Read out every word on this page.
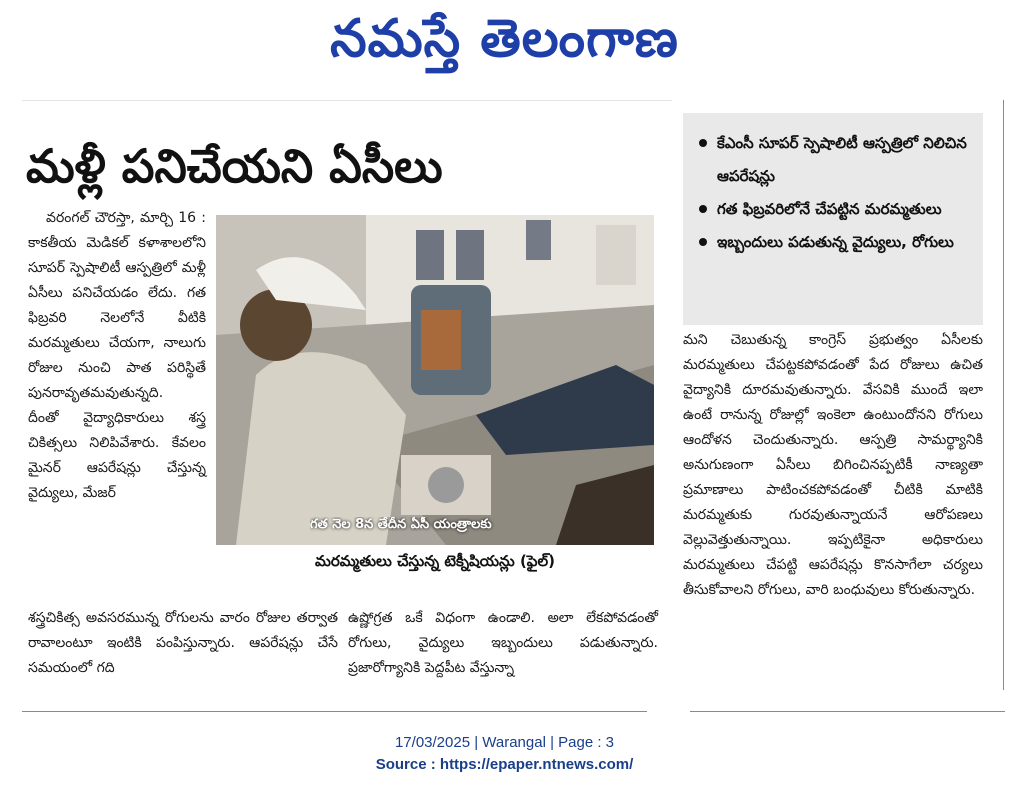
నమస్తే తెలంగాణ
మళ్లీ పనిచేయని ఏసీలు	కేఎంసీ సూపర్ స్పెషాలిటీ ఆస్పత్రిలో నిలిచిన ఆపరేషన్లు
గత ఫిబ్రవరిలోనే చేపట్టిన మరమ్మతులు
ఇబ్బందులు పడుతున్న వైద్యులు, రోగులు

వరంగల్ చౌరస్తా, మార్చి 16 : కాకతీయ మెడికల్ కళాశాలలోని సూపర్ స్పెషాలిటీ ఆస్పత్రిలో మళ్లీ ఏసీలు పనిచేయడం లేదు. గత ఫిబ్రవరి నెలలోనే వీటికి మరమ్మతులు చేయగా, నాలుగు రోజుల నుంచి పాత పరిస్థితే పునరావృతమవుతున్నది.

దీంతో వైద్యాధికారులు శస్త్ర చికిత్సలు నిలిపివేశారు. కేవలం మైనర్ ఆపరేషన్లు చేస్తున్న వైద్యులు, మేజర్

గత నెల 8న తేదీన ఏసీ యంత్రాలకు
మరమ్మతులు చేస్తున్న టెక్నీషియన్లు (ఫైల్)

శస్త్రచికిత్స అవసరమున్న రోగులను వారం రోజుల తర్వాత రావాలంటూ ఇంటికి పంపిస్తున్నారు. ఆపరేషన్లు చేసే సమయంలో గది

ఉష్ణోగ్రత ఒకే విధంగా ఉండాలి. అలా లేకపోవడంతో రోగులు, వైద్యులు ఇబ్బందులు పడుతున్నారు. ప్రజారోగ్యానికి పెద్దపీట వేస్తున్నా

మని చెబుతున్న కాంగ్రెస్ ప్రభుత్వం ఏసీలకు మరమ్మతులు చేపట్టకపోవడంతో పేద రోజులు ఉచిత వైద్యానికి దూరమవుతున్నారు. వేసవికి ముందే ఇలా ఉంటే రానున్న రోజుల్లో ఇంకెలా ఉంటుందోనని రోగులు ఆందోళన చెందుతున్నారు. ఆస్పత్రి సామర్థ్యానికి అనుగుణంగా ఏసీలు బిగించినప్పటికీ నాణ్యతా ప్రమాణాలు పాటించకపోవడంతో చీటికి మాటికి మరమ్మతుకు గురవుతున్నాయనే ఆరోపణలు వెల్లువెత్తుతున్నాయి. ఇప్పటికైనా అధికారులు మరమ్మతులు చేపట్టి ఆపరేషన్లు కొనసాగేలా చర్యలు తీసుకోవాలని రోగులు, వారి బంధువులు కోరుతున్నారు.

17/03/2025 | Warangal | Page : 3
Source : https://epaper.ntnews.com/
